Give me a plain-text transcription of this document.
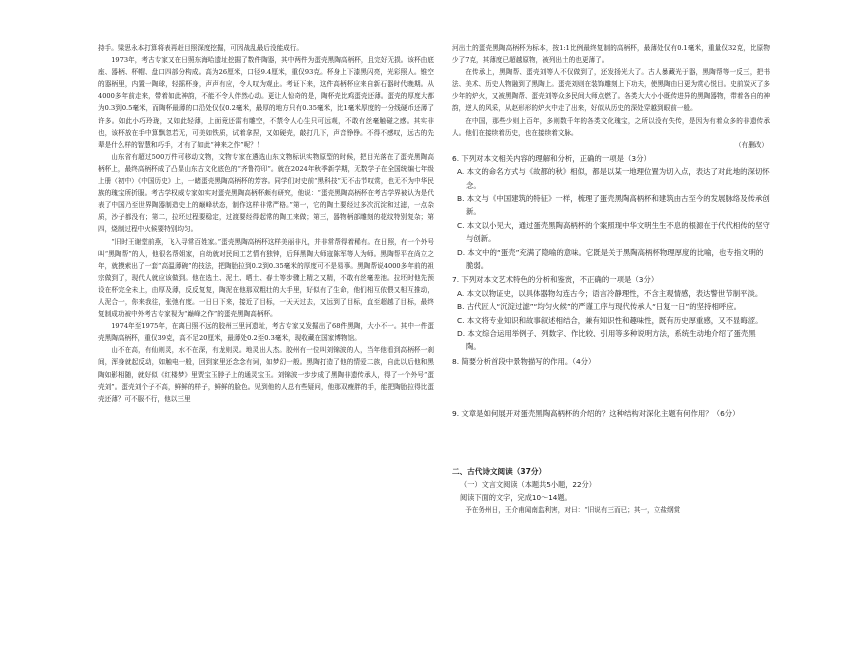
持手。梁思永本打算将表再赶目照深度挖掘，可因战乱最后没能成行。

1973年，考古专家又在日照东海哈遗址挖掘了数件陶器，其中两件为蛋壳黑陶高柄杯，且完好无损。该杯由底座、器柄、杯帽、盘口四部分构成。高为26厘米，口径9.4厘米，重仅93克。杯身上下漆黑闪亮，光彩照人。锥空的器柄里，内置一陶球，轻摇杯身，声声有应，令人叹为观止。考证下来，这件高柄杯应来自新石器时代晚期。从4000多年前走来，带着如此神韵，不能不令人伴然心动。更让人惊奇的是，陶杯壳比鸡蛋壳还薄。蛋壳的厚度大都为0.3到0.5毫米，而陶杯最薄的口沿处仅仅0.2毫米，最厚的地方只有0.35毫米，比1毫米厚度的一分线硬币还薄了许多。如此小巧玲珑，又如此轻薄，上面竟还雷有雕空，不禁令人心生只可远观，不敢有丝毫触碰之感。其实非也，该杯放在手中算飘忽若无，可美如铁质，试着拿捏，又如硬壳，敲打几下，声音铮铮。不得不感叹，远古的先辈是什么样的智慧和巧手，才有了如此“神来之作”呢？！

山东省有超过500万件可移动文物，文物专家在遴选山东文物标识实物原型的时候，把目光落在了蛋壳黑陶高柄杯上，最终高柄杯成了凸显山东古文化底色的“齐鲁符印”。就在2024年秋季新学期，无数学子在全国统编七年级上册（初中）《中国历史》上，一睹蛋壳黑陶高柄杯的芳容。同学们对史前“黑科技”无不击节叹赏，也无不为中华民族的瑰宝所折服。考古学权威专家如实对蛋壳黑陶高柄杯颇有研究，他说：“蛋壳黑陶高柄杯在考古学界被认为是代表了中国乃至世界陶器制造史上的巅峰状态，制作这样非常严格。”第一，它的陶土要经过多次沉淀和过滤，一点杂质，沙子都没有；第二，拉坯过程要稳定，过渡要经得起常的陶工来做；第三，器物柄部雕刻的花纹特别复杂；第四，烧制过程中火候要特别均匀。

“旧时王谢堂前燕，飞入寻常百姓家。”蛋壳黑陶高柄杯这样美丽非凡，并非常帮得着稀有。在日照，有一个外号叫“黑陶帮”的人，他很名帮姐家，自幼就对民间工艺情有独钟，后拜黑陶大师寇陈军等人为师。黑陶帮平在尚立之年，就摸索出了一套“高温薄碗”的技法，把陶胎拉到0.2到0.35毫米的厚度可不是易事。黑陶帮说4000多年前的祖宗做到了，现代人就应该做到。他在选土、泥土、晒土、春土等步骤上精之又精，不敢有丝毫差池。拉坯时他先预设在杯完全未上，由厚及薄，反反复复，陶泥在他那双粗壮的大手里，好似有了生命，他们相互依偎又相互推动，人泥合一，你来我往，张弛有度。一日日下来，接近了目标，一天天过去，又远到了目标，直至超越了目标，最终复制成功被中外考古专家视为“巅峰之作”的蛋壳黑陶高柄杯。

1974年至1975年，在离日照不远的胶州三里河遗址，考古专家又发掘出了68件黑陶，大小不一。其中一件蛋壳黑陶高柄杯，重仅39克，高不足20厘米，最薄处0.2至0.3毫米，现收藏在国家博物馆。

山不在高，有仙则灵，水不在深，有龙则灵。地灵出人杰。胶州有一位叫刘锦波的人，当年他看到高柄杯一刹间，浑身就起反动，如触电一般，回到家里还念念有词，如梦幻一般。黑陶打造了他的情爱二族，自此以后他和黑陶如影相随，就好似《红楼梦》里贾宝玉脖子上的通灵宝玉。刘锦波一步步成了黑陶非遗传承人，得了一个外号“蛋壳刘”。蛋壳刘个子不高，鲜鲜的样子，鲜鲜的脸色。见到他的人总有些疑问，他那双瘦胖的手，能把陶胎拉得比蛋壳还薄？可不服不行，他以三里

河出土的蛋壳黑陶高柄杯为标本，按1:1比例最终复制的高柄杯，最薄处仅有0.1毫米，重量仅32克，比原物少了7克，其薄度已超越原物，被列出土的也更薄了。

在传承上，黑陶帮、蛋壳刘等人不仅做到了，还发扬光大了。古人暴藏光于器，黑陶帮等一反三，把书法、美术、历史人物融到了黑陶上。蛋壳刘则在装饰雕刻上下功夫，使黑陶由日更为赏心悦目。史前炭灭了多少年的炉火，又被黑陶帮、蛋壳刘等众多民间大师点燃了。各类大大小小既传进异的黑陶器物，带着各自的神韵，逆人的风采，从赵形形的炉火中走了出来，好似从历史的深处穿越到眼前一般。

在中国，那些少则上百年，多则数千年的各类文化瑰宝，之所以没有失传，是因为有着众多的非遗传承人。他们在接续着历史，也在接续着文脉。

（有删改）

6. 下列对本文相关内容的理解和分析，正确的一项是（3分）

A. 本文的命名方式与《故都的秋》相似，都是以某一地理位置为切入点，表达了对此地的深切怀念。

B. 本文与《中国建筑的特征》一样，梳理了蛋壳黑陶高柄杯和建筑由古至今的发展脉络及传承创新。

C. 本文以小见大，通过蛋壳黑陶高柄杯的个案照现中华文明生生不息的根源在于代代相传的坚守与创新。

D. 本文中的“蛋壳”充满了隐喻的意味。它既是关于黑陶高柄杯物理厚度的比喻，也专指文明的脆弱。

7. 下列对本文艺术特色的分析和鉴赏，不正确的一项是（3分）

A. 本文以物证史，以具体器物勾连古今；语言冷静理性，不含主观情感，表达警世节制平淡。

B. 古代匠人“沉淀过滤”“均匀火候”的严谨工序与现代传承人“日复一日”的坚持相呼应。

C. 本文将专业知识和故事叙述相结合，兼有知识性和趣味性，既有历史厚重感，又不显晦涩。

D. 本文综合运用举例子、列数字、作比较、引用等多种说明方法，系统生动地介绍了蛋壳黑陶。

8. 简要分析首段中景物描写的作用。（4分）

9. 文章是如何展开对蛋壳黑陶高柄杯的介绍的？这种结构对深化主题有何作用？（6分）

二、古代诗文阅读（37分）

（一）文言文阅读（本题共5小题，22分）

阅读下面的文字，完成10～14题。

予在务州日，王介甫闻南监利害，对曰：“旧说有三而已；其一，立盐纲赏
